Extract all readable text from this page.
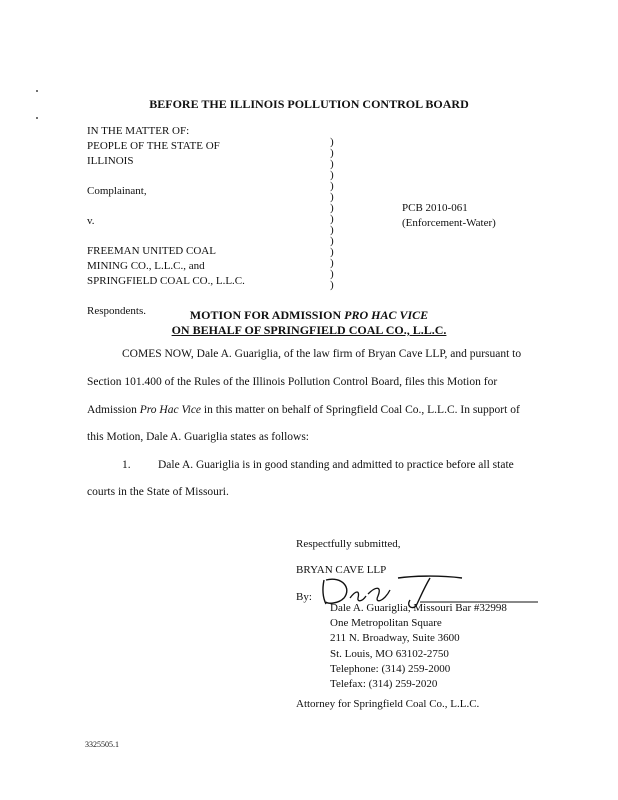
BEFORE THE ILLINOIS POLLUTION CONTROL BOARD
IN THE MATTER OF:
PEOPLE OF THE STATE OF
ILLINOIS
Complainant,
v.
FREEMAN UNITED COAL
MINING CO., L.L.C., and
SPRINGFIELD COAL CO., L.L.C.
Respondents.
)
)
)
)
)
)
)
)
)
)
)
)
)
)
PCB 2010-061
(Enforcement-Water)
MOTION FOR ADMISSION PRO HAC VICE
ON BEHALF OF SPRINGFIELD COAL CO., L.L.C.
COMES NOW, Dale A. Guariglia, of the law firm of Bryan Cave LLP, and pursuant to
Section 101.400 of the Rules of the Illinois Pollution Control Board, files this Motion for
Admission Pro Hac Vice in this matter on behalf of Springfield Coal Co., L.L.C. In support of
this Motion, Dale A. Guariglia states as follows:
1. Dale A. Guariglia is in good standing and admitted to practice before all state
courts in the State of Missouri.
Respectfully submitted,
BRYAN CAVE LLP
By:
Dale A. Guariglia, Missouri Bar #32998
One Metropolitan Square
211 N. Broadway, Suite 3600
St. Louis, MO 63102-2750
Telephone: (314) 259-2000
Telefax: (314) 259-2020
Attorney for Springfield Coal Co., L.L.C.
3325505.1
